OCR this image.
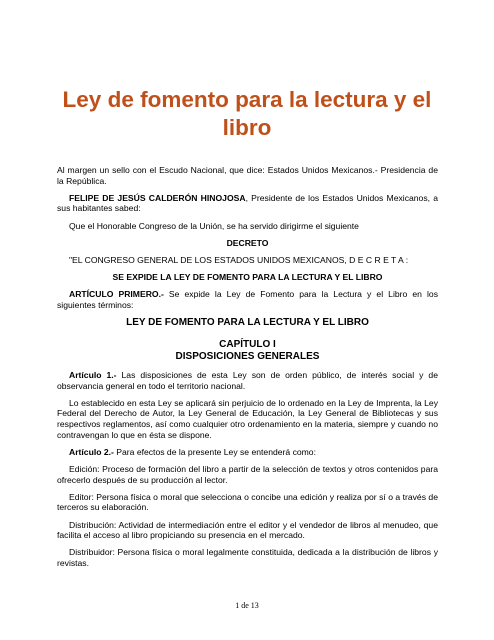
Ley de fomento para la lectura y el libro

Al margen un sello con el Escudo Nacional, que dice: Estados Unidos Mexicanos.- Presidencia de la República.

FELIPE DE JESÚS CALDERÓN HINOJOSA, Presidente de los Estados Unidos Mexicanos, a sus habitantes sabed:

Que el Honorable Congreso de la Unión, se ha servido dirigirme el siguiente

DECRETO

"EL CONGRESO GENERAL DE LOS ESTADOS UNIDOS MEXICANOS, D E C R E T A :

SE EXPIDE LA LEY DE FOMENTO PARA LA LECTURA Y EL LIBRO

ARTÍCULO PRIMERO.- Se expide la Ley de Fomento para la Lectura y el Libro en los siguientes términos:

LEY DE FOMENTO PARA LA LECTURA Y EL LIBRO

CAPÍTULO I
DISPOSICIONES GENERALES

Artículo 1.- Las disposiciones de esta Ley son de orden público, de interés social y de observancia general en todo el territorio nacional.

Lo establecido en esta Ley se aplicará sin perjuicio de lo ordenado en la Ley de Imprenta, la Ley Federal del Derecho de Autor, la Ley General de Educación, la Ley General de Bibliotecas y sus respectivos reglamentos, así como cualquier otro ordenamiento en la materia, siempre y cuando no contravengan lo que en ésta se dispone.

Artículo 2.- Para efectos de la presente Ley se entenderá como:

Edición: Proceso de formación del libro a partir de la selección de textos y otros contenidos para ofrecerlo después de su producción al lector.

Editor: Persona física o moral que selecciona o concibe una edición y realiza por sí o a través de terceros su elaboración.

Distribución: Actividad de intermediación entre el editor y el vendedor de libros al menudeo, que facilita el acceso al libro propiciando su presencia en el mercado.

Distribuidor: Persona física o moral legalmente constituida, dedicada a la distribución de libros y revistas.

1 de 13
